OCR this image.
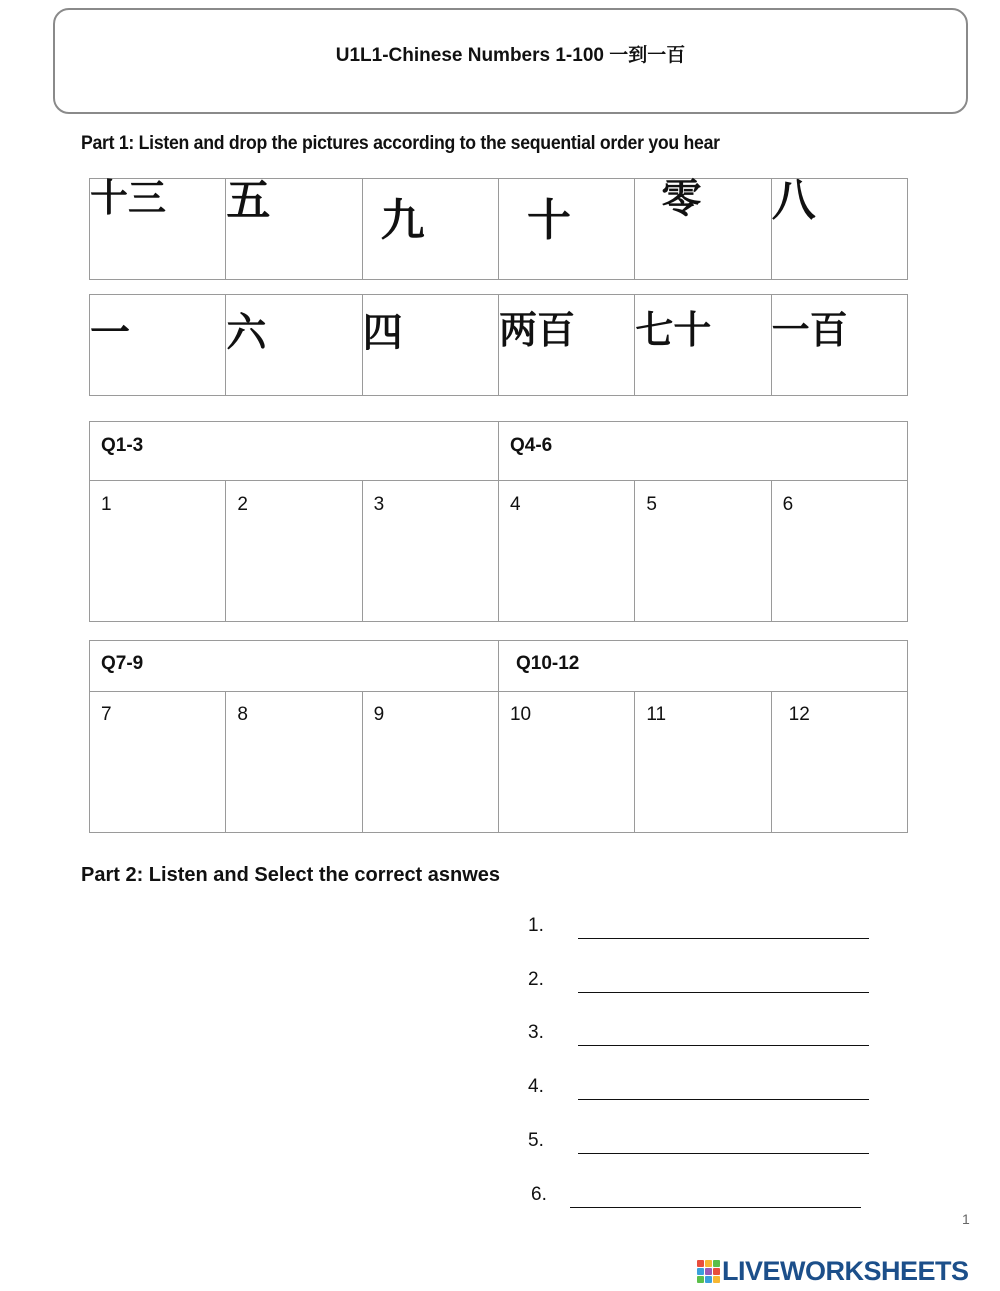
U1L1-Chinese Numbers 1-100 一到一百
Part 1: Listen and drop the pictures according to the sequential order you hear
十三	五	九	十	零	八
一	六	四	两百	七十	一百
Q1-3			Q4-6		
1	2	3	4	5	6
Q7-9			Q10-12		
7	8	9	10	11	12
Part 2: Listen and Select the correct asnwes
1.
2.
3.
4.
5.
6.
1
LIVEWORKSHEETS
